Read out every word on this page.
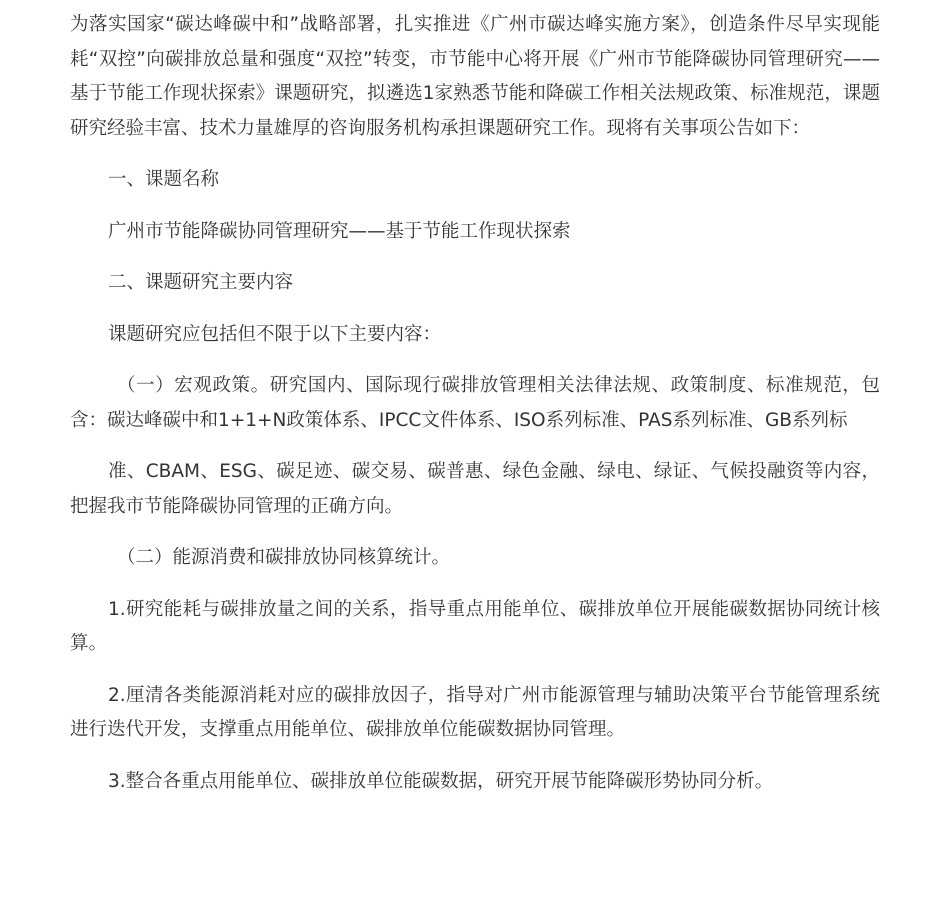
为落实国家“碳达峰碳中和”战略部署，扎实推进《广州市碳达峰实施方案》，创造条件尽早实现能耗“双控”向碳排放总量和强度“双控”转变，市节能中心将开展《广州市节能降碳协同管理研究——基于节能工作现状探索》课题研究，拟遴选1家熟悉节能和降碳工作相关法规政策、标准规范，课题研究经验丰富、技术力量雄厚的咨询服务机构承担课题研究工作。现将有关事项公告如下：

一、课题名称

广州市节能降碳协同管理研究——基于节能工作现状探索

二、课题研究主要内容

课题研究应包括但不限于以下主要内容：

（一）宏观政策。研究国内、国际现行碳排放管理相关法律法规、政策制度、标准规范，包含：碳达峰碳中和1+1+N政策体系、IPCC文件体系、ISO系列标准、PAS系列标准、GB系列标

准、CBAM、ESG、碳足迹、碳交易、碳普惠、绿色金融、绿电、绿证、气候投融资等内容，把握我市节能降碳协同管理的正确方向。

（二）能源消费和碳排放协同核算统计。

1.研究能耗与碳排放量之间的关系，指导重点用能单位、碳排放单位开展能碳数据协同统计核算。

2.厘清各类能源消耗对应的碳排放因子，指导对广州市能源管理与辅助决策平台节能管理系统进行迭代开发，支撑重点用能单位、碳排放单位能碳数据协同管理。

3.整合各重点用能单位、碳排放单位能碳数据，研究开展节能降碳形势协同分析。
